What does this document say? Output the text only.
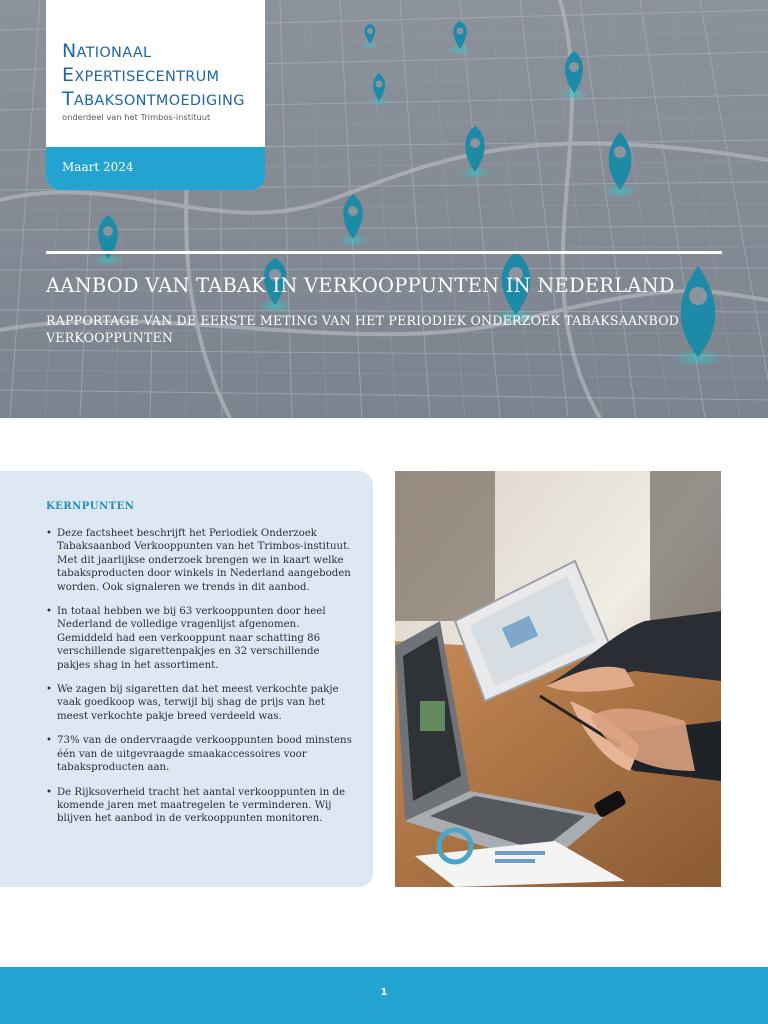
NATIONAAL
EXPERTISECENTRUM
TABAKSONTMOEDIGING
onderdeel van het Trimbos-instituut
Maart 2024
AANBOD VAN TABAK IN VERKOOPPUNTEN IN NEDERLAND
RAPPORTAGE VAN DE EERSTE METING VAN HET PERIODIEK ONDERZOEK TABAKSAANBOD VERKOOPPUNTEN
KERNPUNTEN
• Deze factsheet beschrijft het Periodiek Onderzoek Tabaksaanbod Verkooppunten van het Trimbos-instituut. Met dit jaarlijkse onderzoek brengen we in kaart welke tabaksproducten door winkels in Nederland aangeboden worden. Ook signaleren we trends in dit aanbod.
• In totaal hebben we bij 63 verkooppunten door heel Nederland de volledige vragenlijst afgenomen. Gemiddeld had een verkooppunt naar schatting 86 verschillende sigarettenpakjes en 32 verschillende pakjes shag in het assortiment.
• We zagen bij sigaretten dat het meest verkochte pakje vaak goedkoop was, terwijl bij shag de prijs van het meest verkochte pakje breed verdeeld was.
• 73% van de ondervraagde verkooppunten bood minstens één van de uitgevraagde smaakaccessoires voor tabaksproducten aan.
• De Rijksoverheid tracht het aantal verkooppunten in de komende jaren met maatregelen te verminderen. Wij blijven het aanbod in de verkooppunten monitoren.
1
